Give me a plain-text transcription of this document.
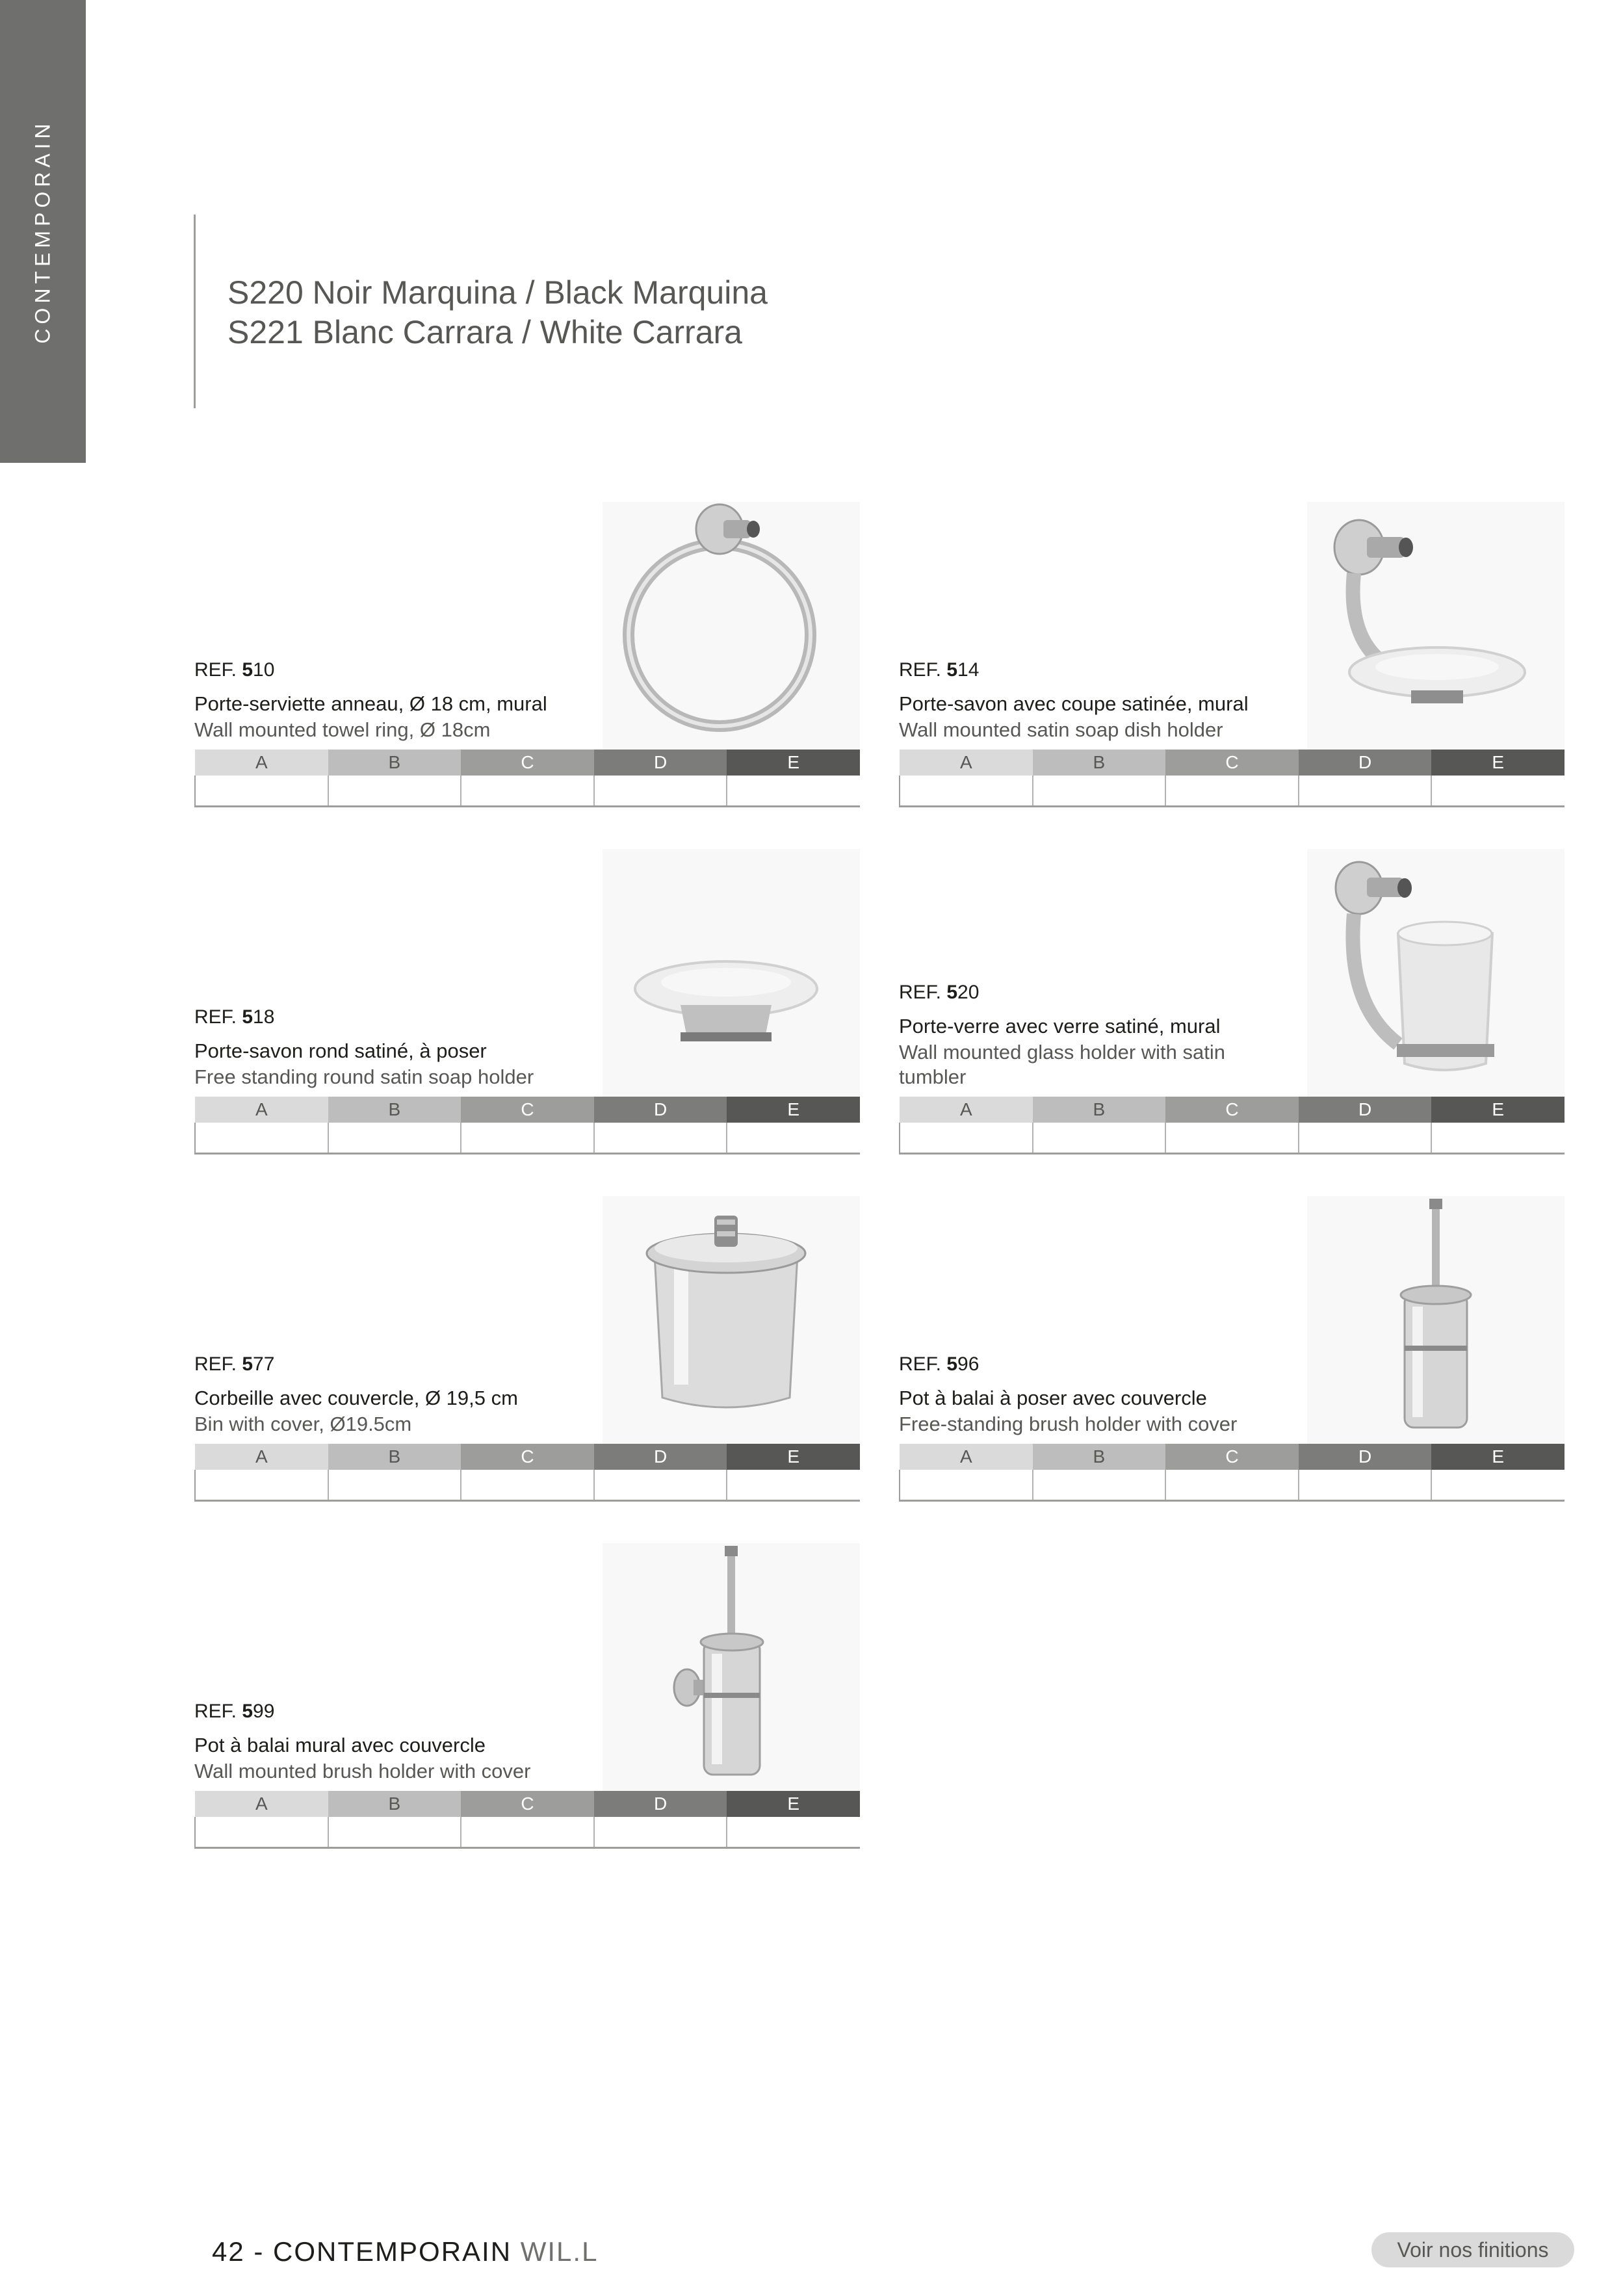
CONTEMPORAIN	S220 Noir Marquina / Black Marquina
S221 Blanc Carrara / White Carrara
REF. 510
Porte-serviette anneau, Ø 18 cm, mural
Wall mounted towel ring, Ø 18cm
A	B	C	D	E

REF. 514
Porte-savon avec coupe satinée, mural
Wall mounted satin soap dish holder
A	B	C	D	E

REF. 518
Porte-savon rond satiné, à poser
Free standing round satin soap holder
A	B	C	D	E

REF. 520
Porte-verre avec verre satiné, mural
Wall mounted glass holder with satin tumbler
A	B	C	D	E

REF. 577
Corbeille avec couvercle, Ø 19,5 cm
Bin with cover, Ø19.5cm
A	B	C	D	E

REF. 596
Pot à balai à poser avec couvercle
Free-standing brush holder with cover
A	B	C	D	E

REF. 599
Pot à balai mural avec couvercle
Wall mounted brush holder with cover
A	B	C	D	E

42 - CONTEMPORAIN WIL.L	Voir nos finitions
